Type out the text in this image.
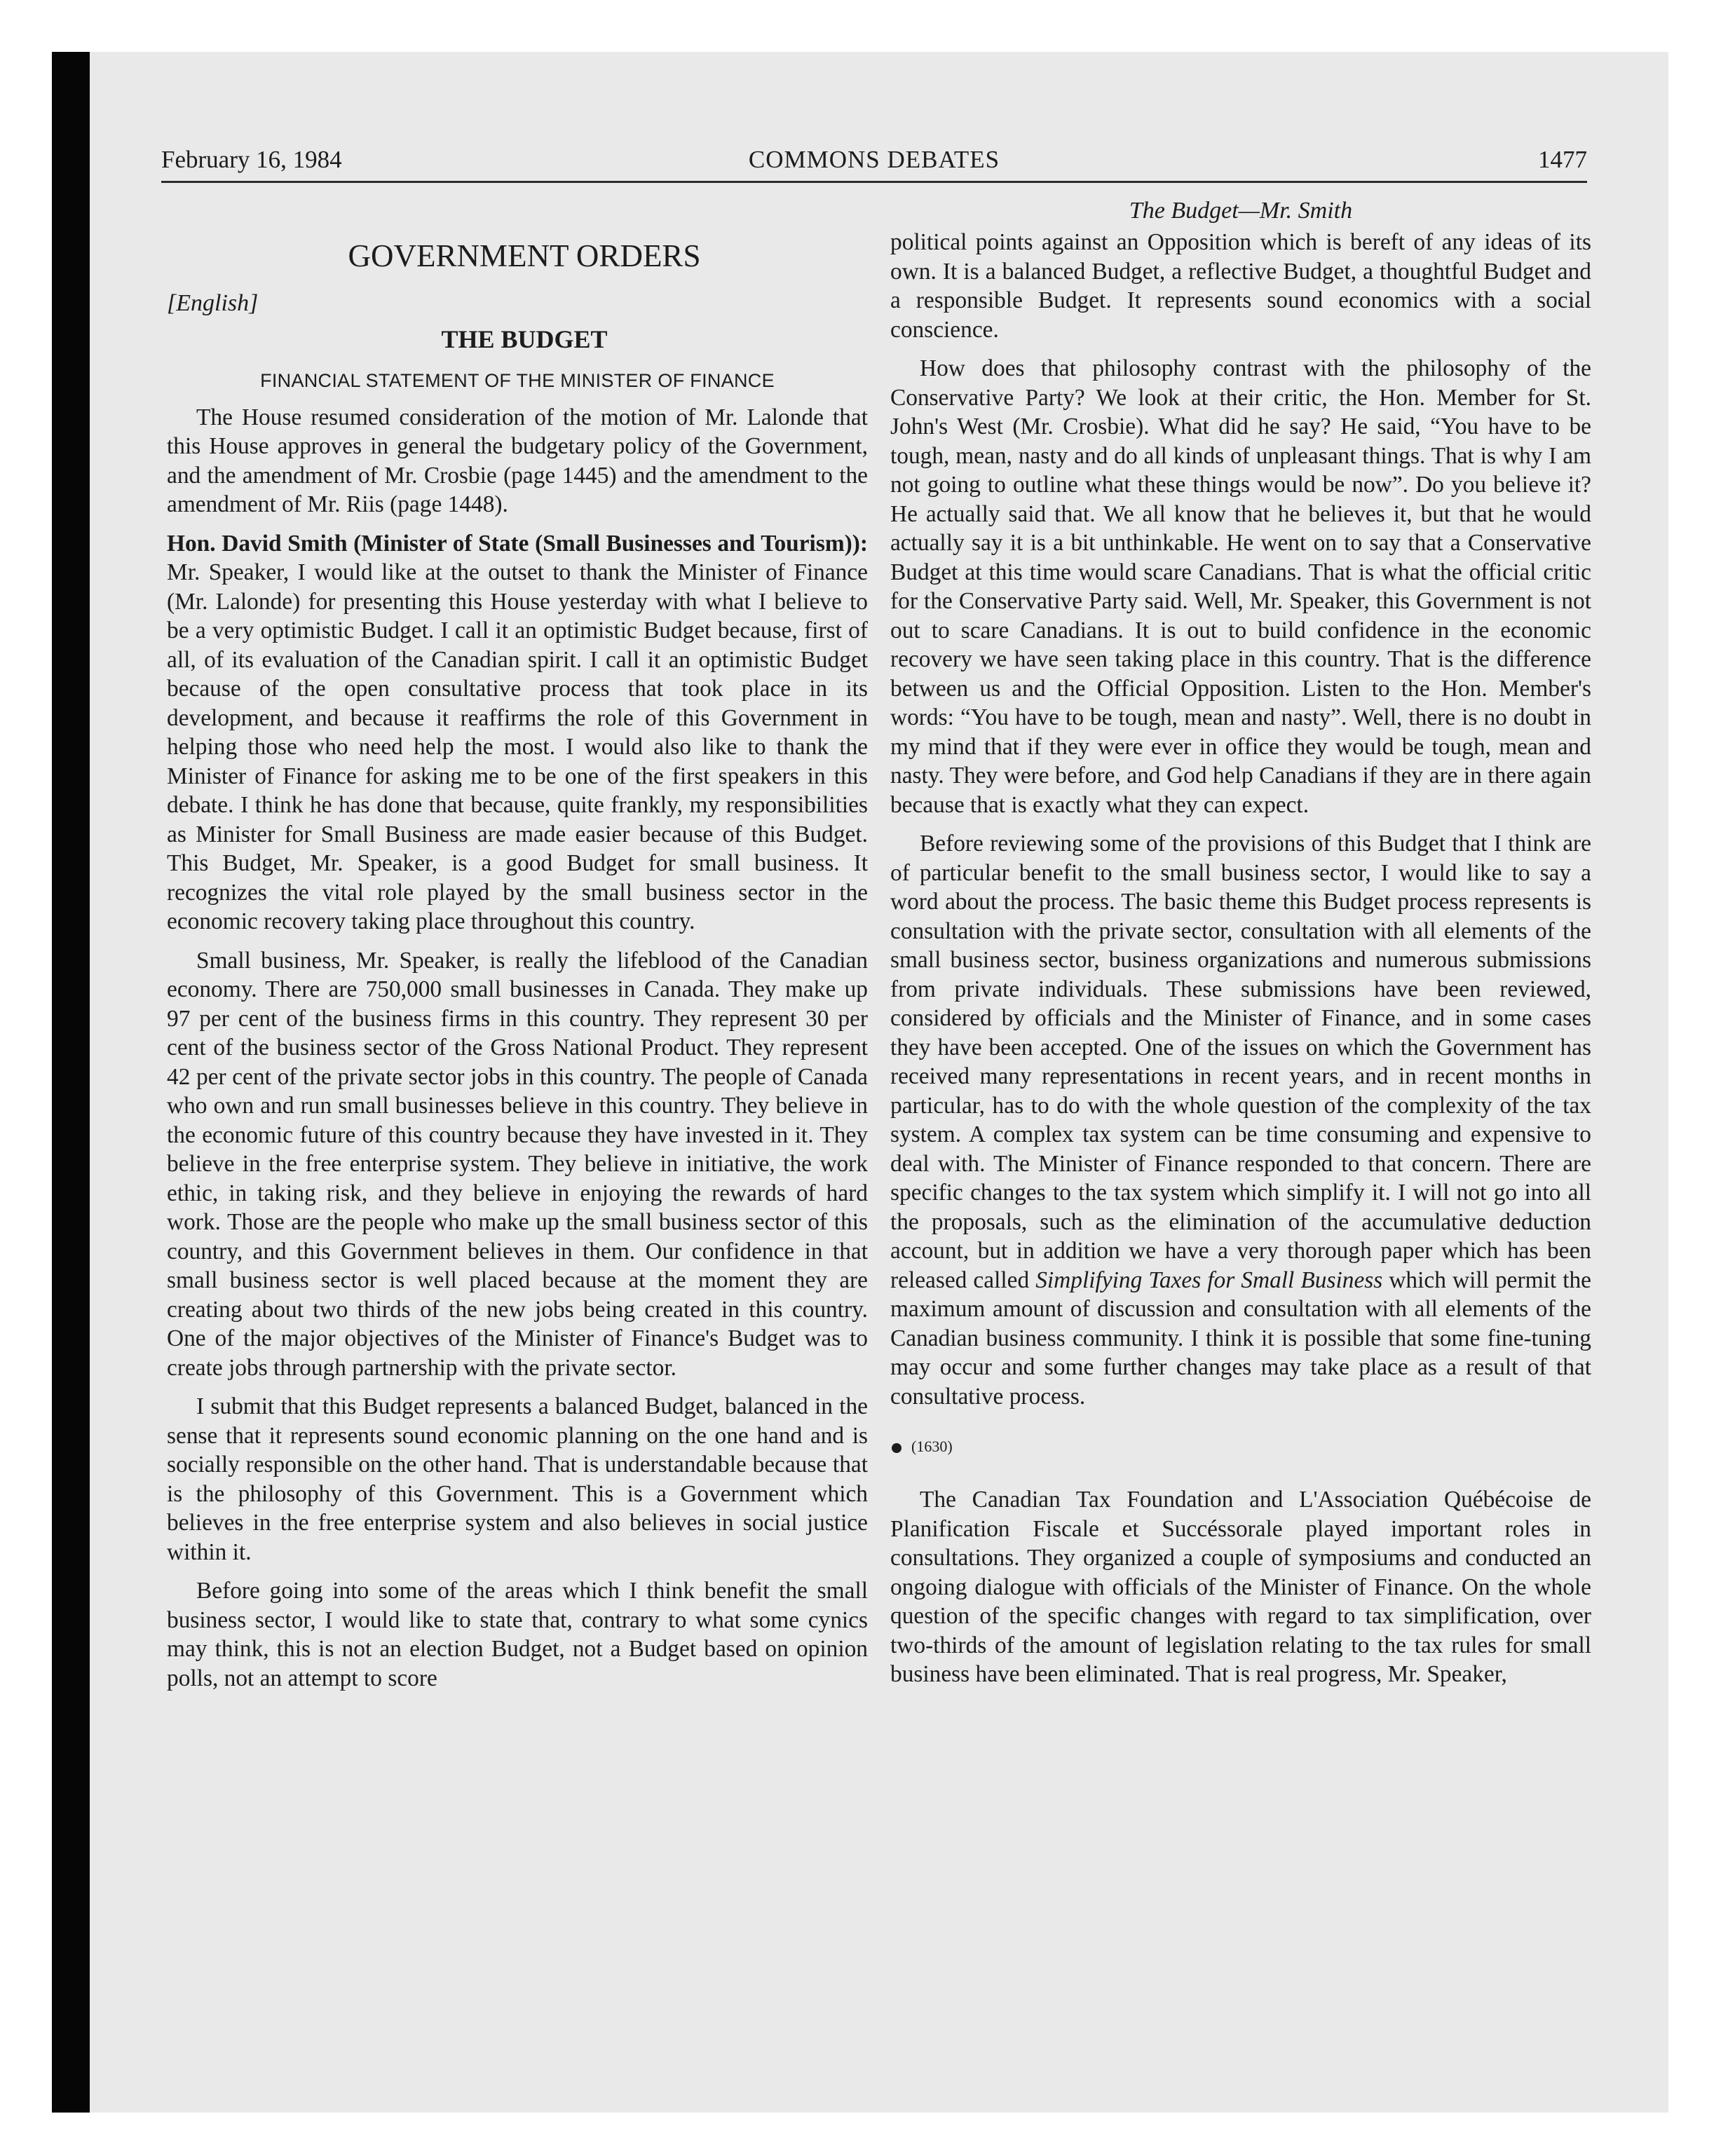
February 16, 1984	COMMONS DEBATES	1477
GOVERNMENT ORDERS
[English]
THE BUDGET
FINANCIAL STATEMENT OF THE MINISTER OF FINANCE

The House resumed consideration of the motion of Mr. Lalonde that this House approves in general the budgetary policy of the Government, and the amendment of Mr. Crosbie (page 1445) and the amendment to the amendment of Mr. Riis (page 1448).

Hon. David Smith (Minister of State (Small Businesses and Tourism)): Mr. Speaker, I would like at the outset to thank the Minister of Finance (Mr. Lalonde) for presenting this House yesterday with what I believe to be a very optimistic Budget. I call it an optimistic Budget because, first of all, of its evaluation of the Canadian spirit. I call it an optimistic Budget because of the open consultative process that took place in its development, and because it reaffirms the role of this Government in helping those who need help the most. I would also like to thank the Minister of Finance for asking me to be one of the first speakers in this debate. I think he has done that because, quite frankly, my responsibilities as Minister for Small Business are made easier because of this Budget. This Budget, Mr. Speaker, is a good Budget for small business. It recognizes the vital role played by the small business sector in the economic recovery taking place throughout this country.

Small business, Mr. Speaker, is really the lifeblood of the Canadian economy. There are 750,000 small businesses in Canada. They make up 97 per cent of the business firms in this country. They represent 30 per cent of the business sector of the Gross National Product. They represent 42 per cent of the private sector jobs in this country. The people of Canada who own and run small businesses believe in this country. They believe in the economic future of this country because they have invested in it. They believe in the free enterprise system. They believe in initiative, the work ethic, in taking risk, and they believe in enjoying the rewards of hard work. Those are the people who make up the small business sector of this country, and this Government believes in them. Our confidence in that small business sector is well placed because at the moment they are creating about two thirds of the new jobs being created in this country. One of the major objectives of the Minister of Finance's Budget was to create jobs through partnership with the private sector.

I submit that this Budget represents a balanced Budget, balanced in the sense that it represents sound economic planning on the one hand and is socially responsible on the other hand. That is understandable because that is the philosophy of this Government. This is a Government which believes in the free enterprise system and also believes in social justice within it.

Before going into some of the areas which I think benefit the small business sector, I would like to state that, contrary to what some cynics may think, this is not an election Budget, not a Budget based on opinion polls, not an attempt to score

The Budget—Mr. Smith

political points against an Opposition which is bereft of any ideas of its own. It is a balanced Budget, a reflective Budget, a thoughtful Budget and a responsible Budget. It represents sound economics with a social conscience.

How does that philosophy contrast with the philosophy of the Conservative Party? We look at their critic, the Hon. Member for St. John's West (Mr. Crosbie). What did he say? He said, “You have to be tough, mean, nasty and do all kinds of unpleasant things. That is why I am not going to outline what these things would be now”. Do you believe it? He actually said that. We all know that he believes it, but that he would actually say it is a bit unthinkable. He went on to say that a Conservative Budget at this time would scare Canadians. That is what the official critic for the Conservative Party said. Well, Mr. Speaker, this Government is not out to scare Canadians. It is out to build confidence in the economic recovery we have seen taking place in this country. That is the difference between us and the Official Opposition. Listen to the Hon. Member's words: “You have to be tough, mean and nasty”. Well, there is no doubt in my mind that if they were ever in office they would be tough, mean and nasty. They were before, and God help Canadians if they are in there again because that is exactly what they can expect.

Before reviewing some of the provisions of this Budget that I think are of particular benefit to the small business sector, I would like to say a word about the process. The basic theme this Budget process represents is consultation with the private sector, consultation with all elements of the small business sector, business organizations and numerous submissions from private individuals. These submissions have been reviewed, considered by officials and the Minister of Finance, and in some cases they have been accepted. One of the issues on which the Government has received many representations in recent years, and in recent months in particular, has to do with the whole question of the complexity of the tax system. A complex tax system can be time consuming and expensive to deal with. The Minister of Finance responded to that concern. There are specific changes to the tax system which simplify it. I will not go into all the proposals, such as the elimination of the accumulative deduction account, but in addition we have a very thorough paper which has been released called Simplifying Taxes for Small Business which will permit the maximum amount of discussion and consultation with all elements of the Canadian business community. I think it is possible that some fine-tuning may occur and some further changes may take place as a result of that consultative process.

(1630)

The Canadian Tax Foundation and L'Association Québécoise de Planification Fiscale et Succéssorale played important roles in consultations. They organized a couple of symposiums and conducted an ongoing dialogue with officials of the Minister of Finance. On the whole question of the specific changes with regard to tax simplification, over two-thirds of the amount of legislation relating to the tax rules for small business have been eliminated. That is real progress, Mr. Speaker,
